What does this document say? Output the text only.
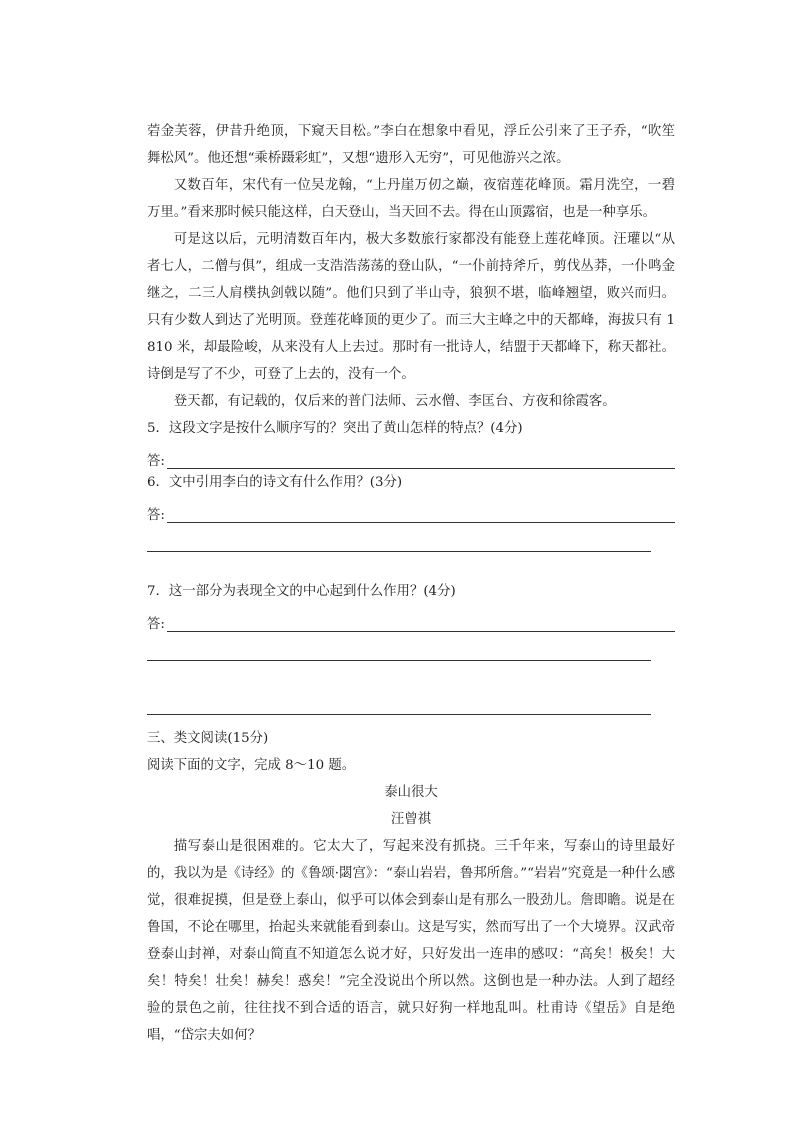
菪金芙蓉，伊昔升绝顶，下窥天目松。”李白在想象中看见，浮丘公引来了王子乔，“吹笙舞松风”。他还想“乘桥蹑彩虹”，又想“遗形入无穷”，可见他游兴之浓。

又数百年，宋代有一位吴龙翰，“上丹崖万仞之巅，夜宿莲花峰顶。霜月洗空，一碧万里。”看来那时候只能这样，白天登山，当天回不去。得在山顶露宿，也是一种享乐。

可是这以后，元明清数百年内，极大多数旅行家都没有能登上莲花峰顶。汪瓘以“从者七人，二僧与俱”，组成一支浩浩荡荡的登山队，“一仆前持斧斤，剪伐丛莽，一仆鸣金继之，二三人肩樸执剑戟以随”。他们只到了半山寺，狼狈不堪，临峰翘望，败兴而归。只有少数人到达了光明顶。登莲花峰顶的更少了。而三大主峰之中的天都峰，海拔只有 1 810 米，却最险峻，从来没有人上去过。那时有一批诗人，结盟于天都峰下，称天都社。诗倒是写了不少，可登了上去的，没有一个。

登天都，有记载的，仅后来的普门法师、云水僧、李匡台、方夜和徐霞客。

5．这段文字是按什么顺序写的？突出了黄山怎样的特点？(4分)
答:
6．文中引用李白的诗文有什么作用？(3分)
答:
7．这一部分为表现全文的中心起到什么作用？(4分)
答:
三、类文阅读(15分)
阅读下面的文字，完成 8～10 题。
泰山很大
汪曾祺

描写泰山是很困难的。它太大了，写起来没有抓挠。三千年来，写泰山的诗里最好的，我以为是《诗经》的《鲁颂·閟宫》：“泰山岩岩，鲁邦所詹。”“岩岩”究竟是一种什么感觉，很难捉摸，但是登上泰山，似乎可以体会到泰山是有那么一股劲儿。詹即瞻。说是在鲁国，不论在哪里，抬起头来就能看到泰山。这是写实，然而写出了一个大境界。汉武帝登泰山封禅，对泰山简直不知道怎么说才好，只好发出一连串的感叹：“高矣！极矣！大矣！特矣！壮矣！赫矣！惑矣！”完全没说出个所以然。这倒也是一种办法。人到了超经验的景色之前，往往找不到合适的语言，就只好狗一样地乱叫。杜甫诗《望岳》自是绝唱，“岱宗夫如何？
